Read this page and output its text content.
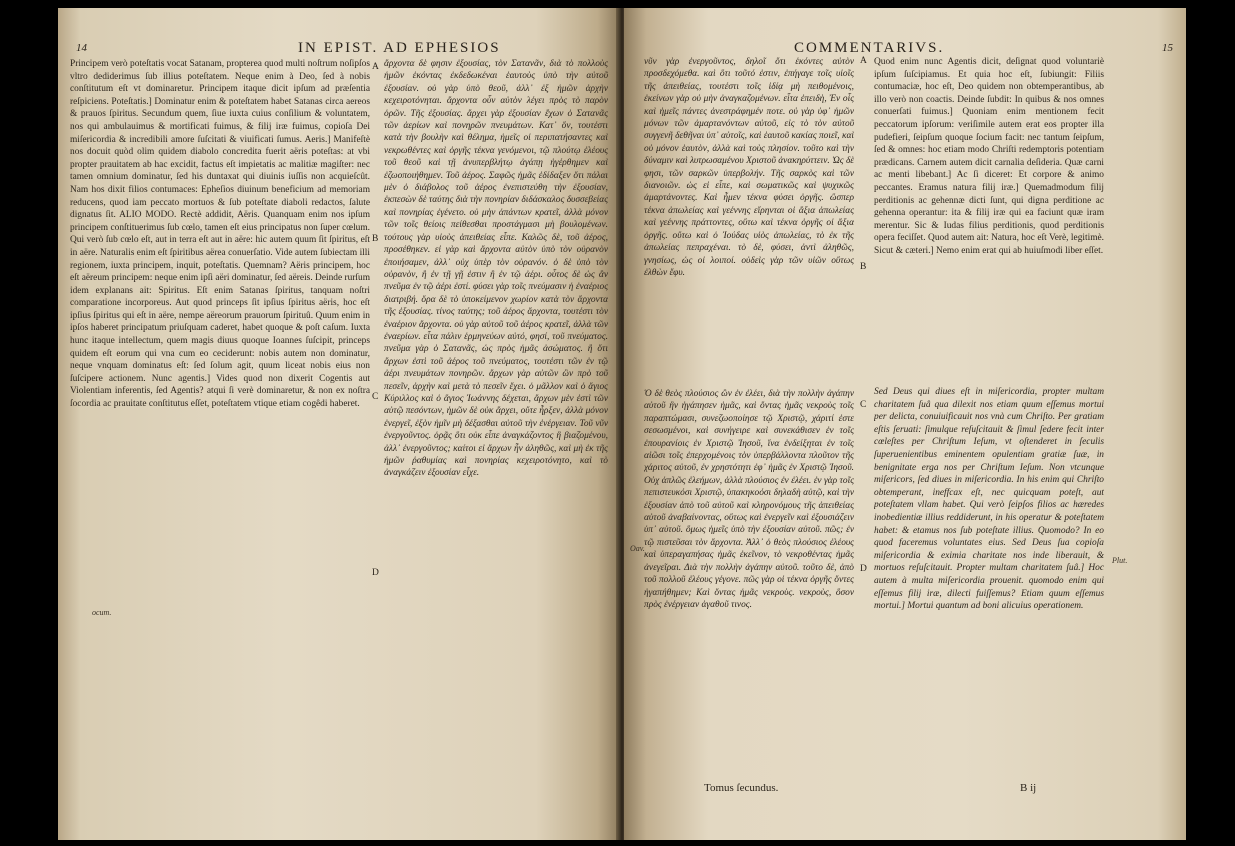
14	IN EPIST. AD EPHESIOS

Principem verò poteſtatis vocat Satanam, propterea quod multi noſtrum noſipſos vltro dediderimus ſub illius poteſtatem. Neque enim à Deo, ſed à nobis conſtitutum eſt vt dominaretur. Principem itaque dicit ipſum ad præſentia reſpiciens. Poteſtatis.] Dominatur enim & poteſtatem habet Satanas circa aereos & prauos ſpiritus. Secundum quem, ſiue iuxta cuius conſilium & voluntatem, nos qui ambulauimus & mortificati fuimus, & filij iræ fuimus, copioſa Dei miſericordia & incredibili amore ſuſcitati & viuificati ſumus. Aeris.] Manifeſtè nos docuit quòd olim quidem diabolo concredita fuerit aëris poteſtas: at vbi propter prauitatem ab hac excidit, factus eſt impietatis ac malitiæ magiſter: nec tamen omnium dominatur, ſed his duntaxat qui diuinis iuſſis non acquieſcût. Nam hos dixit filios contumaces: Epheſios diuinum beneficium ad memoriam reducens, quod iam peccato mortuos & ſub poteſtate diaboli redactos, ſalute dignatus ſit. ALIO MODO. Rectè addidit, Aëris. Quanquam enim nos ipſum principem conſtituerimus ſub cœlo, tamen eſt eius principatus non ſuper cœlum. Qui verò ſub cœlo eſt, aut in terra eſt aut in aëre: hic autem quum ſit ſpiritus, eſt in aëre. Naturalis enim eſt ſpiritibus aërea conuerſatio. Vide autem ſubiectam illi regionem, iuxta principem, inquit, poteſtatis. Quemnam? Aëris principem, hoc eſt aëreum principem: neque enim ipſi aëri dominatur, ſed aëreis. Deinde rurſum idem explanans ait: Spiritus. Eſt enim Satanas ſpiritus, tanquam noſtri comparatione incorporeus. Aut quod princeps ſit ipſius ſpiritus aëris, hoc eſt ipſius ſpiritus qui eſt in aëre, nempe aëreorum prauorum ſpirituû. Quum enim in ipſos haberet principatum priuſquam caderet, habet quoque & poſt caſum. Iuxta hunc itaque intellectum, quem magis diuus quoque Ioannes ſuſcipit, princeps quidem eſt eorum qui vna cum eo ceciderunt: nobis autem non dominatur, neque vnquam dominatus eſt: ſed ſolum agit, quum liceat nobis eius non ſuſcipere actionem. Nunc agentis.] Vides quod non dixerit Cogentis aut Violentiam inferentis, ſed Agentis? atqui ſi verè dominaretur, & non ex noſtra ſocordia ac prauitate conſtitutus eſſet, poteſtatem vtique etiam cogêdi haberet.

A
B
C
D
ocum.

ἄρχοντα δὲ φησιν ἐξουσίας, τὸν Σατανᾶν, διὰ τὸ πολλοὺς ἡμῶν ἑκόντας ἐκδεδωκέναι ἑαυτοὺς ὑπὸ τὴν αὐτοῦ ἐξουσίαν. οὐ γὰρ ὑπὸ θεοῦ, ἀλλ᾽ ἐξ ἡμῶν ἀρχὴν κεχειροτόνηται. ἄρχοντα οὖν αὐτὸν λέγει πρὸς τὸ παρὸν ὁρῶν. Τῆς ἐξουσίας. ἄρχει γὰρ ἐξουσίαν ἔχων ὁ Σατανᾶς τῶν ἀερίων καὶ πονηρῶν πνευμάτων. Κατ᾽ ὅν, τουτέστι κατὰ τὴν βουλὴν καὶ θέλημα, ἡμεῖς οἱ περιπατήσαντες καὶ νεκρωθέντες καὶ ὀργῆς τέκνα γενόμενοι, τῷ πλούτῳ ἐλέους τοῦ θεοῦ καὶ τῇ ἀνυπερβλήτῳ ἀγάπῃ ἠγέρθημεν καὶ ἐζωοποιήθημεν. Τοῦ ἀέρος. Σαφῶς ἡμᾶς ἐδίδαξεν ὅτι πάλαι μὲν ὁ διάβολος τοῦ ἀέρος ἐνεπιστεύθη τὴν ἐξουσίαν, ἐκπεσὼν δὲ ταύτης διὰ τὴν πονηρίαν διδάσκαλος δυσσεβείας καὶ πονηρίας ἐγένετο. οὐ μὴν ἁπάντων κρατεῖ, ἀλλὰ μόνον τῶν τοῖς θείοις πείθεσθαι προστάγμασι μὴ βουλομένων. τούτους γὰρ υἱοὺς ἀπειθείας εἶπε. Καλῶς δὲ, τοῦ ἀέρος, προσέθηκεν. εἰ γὰρ καὶ ἄρχοντα αὐτὸν ὑπὸ τὸν οὐρανὸν ἐποιήσαμεν, ἀλλ᾽ οὐχ ὑπὲρ τὸν οὐρανόν. ὁ δὲ ὑπὸ τὸν οὐρανὸν, ἢ ἐν τῇ γῇ ἐστιν ἢ ἐν τῷ ἀέρι. οὗτος δὲ ὡς ἂν πνεῦμα ἐν τῷ ἀέρι ἐστί. φύσει γὰρ τοῖς πνεύμασιν ἡ ἐναέριος διατριβή. ὅρα δὲ τὸ ὑποκείμενον χωρίον κατὰ τὸν ἄρχοντα τῆς ἐξουσίας. τίνος ταύτης; τοῦ ἀέρος ἄρχοντα, τουτέστι τὸν ἐναέριον ἄρχοντα. οὐ γὰρ αὐτοῦ τοῦ ἀέρος κρατεῖ, ἀλλὰ τῶν ἐναερίων. εἶτα πάλιν ἑρμηνεύων αὐτό, φησί, τοῦ πνεύματος. πνεῦμα γὰρ ὁ Σατανᾶς, ὡς πρὸς ἡμᾶς ἀσώματος. ἢ ὅτι ἄρχων ἐστὶ τοῦ ἀέρος τοῦ πνεύματος, τουτέστι τῶν ἐν τῷ ἀέρι πνευμάτων πονηρῶν. ἄρχων γὰρ αὐτῶν ὢν πρὸ τοῦ πεσεῖν, ἀρχὴν καὶ μετὰ τὸ πεσεῖν ἔχει. ὁ μᾶλλον καὶ ὁ ἅγιος Κύριλλος καὶ ὁ ἅγιος Ἰωάννης δέχεται, ἄρχων μὲν ἐστὶ τῶν αὐτῷ πεσόντων, ἡμῶν δὲ οὐκ ἄρχει, οὔτε ἦρξεν, ἀλλὰ μόνον ἐνεργεῖ, ἐξὸν ἡμῖν μὴ δέξασθαι αὐτοῦ τὴν ἐνέργειαν. Τοῦ νῦν ἐνεργοῦντος. ὁρᾷς ὅτι οὐκ εἶπε ἀναγκάζοντος ἢ βιαζομένου, ἀλλ᾽ ἐνεργοῦντος; καίτοι εἰ ἄρχων ἦν ἀληθῶς, καὶ μὴ ἐκ τῆς ἡμῶν ῥαθυμίας καὶ πονηρίας κεχειροτόνητο, καὶ τὸ ἀναγκάζειν ἐξουσίαν εἶχε.

COMMENTARIVS.	15

νῦν γὰρ ἐνεργοῦντος, δηλοῖ ὅτι ἑκόντες αὐτὸν προσδεχόμεθα. καὶ ὅτι τοῦτό ἐστιν, ἐπήγαγε τοῖς υἱοῖς τῆς ἀπειθείας, τουτέστι τοῖς ἰδίᾳ μὴ πειθομένοις, ἐκείνων γὰρ οὐ μὴν ἀναγκαζομένων. εἶτα ἐπειδὴ, Ἐν οἷς καὶ ἡμεῖς πάντες ἀνεστράφημέν ποτε. οὐ γὰρ ὑφ᾽ ἡμῶν μόνων τῶν ἁμαρτανόντων αὐτοῦ, εἰς τὸ τὸν αὐτοῦ συγγενῆ δεθῆναι ὑπ᾽ αὐτοῖς, καὶ ἑαυτοῦ κακίας ποιεῖ, καὶ οὐ μόνον ἑαυτὸν, ἀλλὰ καὶ τοὺς πλησίον. τοῦτο καὶ τὴν δύναμιν καὶ λυτρωσαμένου Χριστοῦ ἀνακηρύττειν. Ὡς δὲ φησι, τῶν σαρκῶν ὑπερβολήν. Τῆς σαρκὸς καὶ τῶν διανοιῶν. ὡς εἰ εἶπε, καὶ σωματικῶς καὶ ψυχικῶς ἁμαρτάνοντες. Καὶ ἦμεν τέκνα φύσει ὀργῆς. ὥσπερ τέκνα ἀπωλείας καὶ γεέννης εἴρηνται οἱ ἄξια ἀπωλείας καὶ γεέννης πράττοντες, οὕτω καὶ τέκνα ὀργῆς οἱ ἄξια ὀργῆς. οὕτω καὶ ὁ Ἰούδας υἱὸς ἀπωλείας, τὸ ἐκ τῆς ἀπωλείας πεπραχέναι. τὸ δὲ, φύσει, ἀντὶ ἀληθῶς, γνησίως, ὡς οἱ λοιποί. οὐδεὶς γὰρ τῶν υἱῶν οὕτως ἐλθὼν ἔφυ.

A
B
C
D

Quod enim nunc Agentis dicit, deſignat quod voluntariè ipſum ſuſcipiamus. Et quia hoc eſt, ſubiungit: Filiis contumaciæ, hoc eſt, Deo quidem non obtemperantibus, ab illo verò non coactis. Deinde ſubdit: In quibus & nos omnes conuerſati fuimus.] Quoniam enim mentionem fecit peccatorum ipſorum: veriſimile autem erat eos propter illa pudefieri, ſeipſum quoque ſocium facit: nec tantum ſeipſum, ſed & omnes: hoc etiam modo Chriſti redemptoris potentiam prædicans. Carnem autem dicit carnalia deſideria. Quæ carni ac menti libebant.] Ac ſi diceret: Et corpore & animo peccantes. Eramus natura filij iræ.] Quemadmodum filij perditionis ac gehennæ dicti ſunt, qui digna perditione ac gehenna operantur: ita & filij iræ qui ea faciunt quæ iram merentur. Sic & Iudas filius perditionis, quod perditionis opera feciſſet. Quod autem ait: Natura, hoc eſt Verè, legitimè. Sicut & cæteri.] Nemo enim erat qui ab huiuſmodi liber eſſet.

Ὁ δὲ θεὸς πλούσιος ὢν ἐν ἐλέει, διὰ τὴν πολλὴν ἀγάπην αὐτοῦ ἣν ἠγάπησεν ἡμᾶς, καὶ ὄντας ἡμᾶς νεκροὺς τοῖς παραπτώμασι, συνεζωοποίησε τῷ Χριστῷ, χάριτί ἐστε σεσωσμένοι, καὶ συνήγειρε καὶ συνεκάθισεν ἐν τοῖς ἐπουρανίοις ἐν Χριστῷ Ἰησοῦ, ἵνα ἐνδείξηται ἐν τοῖς αἰῶσι τοῖς ἐπερχομένοις τὸν ὑπερβάλλοντα πλοῦτον τῆς χάριτος αὐτοῦ, ἐν χρηστότητι ἐφ᾽ ἡμᾶς ἐν Χριστῷ Ἰησοῦ. Οὐχ ἁπλῶς ἐλεήμων, ἀλλὰ πλούσιος ἐν ἐλέει. ἐν γὰρ τοῖς πεπιστευκόσι Χριστῷ, ὑπακηκοόσι δηλαδὴ αὐτῷ, καὶ τὴν ἐξουσίαν ἀπὸ τοῦ αὐτοῦ καὶ κληρονόμους τῆς ἀπειθείας αὐτοῦ ἀναβαίνοντας, οὕτως καὶ ἐνεργεῖν καὶ ἐξουσιάζειν ὑπ᾽ αὐτοῦ. ὅμως ἡμεῖς ὑπὸ τὴν ἐξουσίαν αὐτοῦ. πῶς; ἐν τῷ πιστεῦσαι τὸν ἄρχοντα. Ἀλλ᾽ ὁ θεὸς πλούσιος ἐλέους καὶ ὑπεραγαπήσας ἡμᾶς ἐκεῖνον, τὸ νεκροθέντας ἡμᾶς ἀνεγεῖραι. Διὰ τὴν πολλὴν ἀγάπην αὐτοῦ. τοῦτο δὲ, ἀπὸ τοῦ πολλοῦ ἐλέους γέγονε. πῶς γὰρ οἱ τέκνα ὀργῆς ὄντες ἠγαπήθημεν; Καὶ ὄντας ἡμᾶς νεκροὺς. νεκροὺς, ὅσον πρὸς ἐνέργειαν ἀγαθοῦ τινος.

Sed Deus qui diues eſt in miſericordia, propter multam charitatem ſuâ qua dilexit nos etiam quum eſſemus mortui per delicta, conuiuificauit nos vnà cum Chriſto. Per gratiam eſtis ſeruati: ſimulque reſuſcitauit & ſimul ſedere fecit inter cœleſtes per Chriſtum Ieſum, vt oſtenderet in ſeculis ſuperuenientibus eminentem opulentiam gratiæ ſuæ, in benignitate erga nos per Chriſtum Ieſum. Non vtcunque miſericors, ſed diues in miſericordia. In his enim qui Chriſto obtemperant, ineffcax eſt, nec quicquam poteſt, aut poteſtatem vllam habet. Qui verò ſeipſos filios ac hæredes inobedientiæ illius reddiderunt, in his operatur & poteſtatem habet: & etamus nos ſub poteſtate illius. Quomodo? In eo quod faceremus voluntates eius. Sed Deus ſua copioſa miſericordia & eximia charitate nos inde liberauit, & mortuos reſuſcitauit. Propter multam charitatem ſuâ.] Hoc autem à multa miſericordia prouenit. quomodo enim qui eſſemus filij iræ, dilecti fuiſſemus? Etiam quum eſſemus mortui.] Mortui quantum ad boni alicuius operationem.

Oav.
Plut.
Tomus ſecundus.	B ij
